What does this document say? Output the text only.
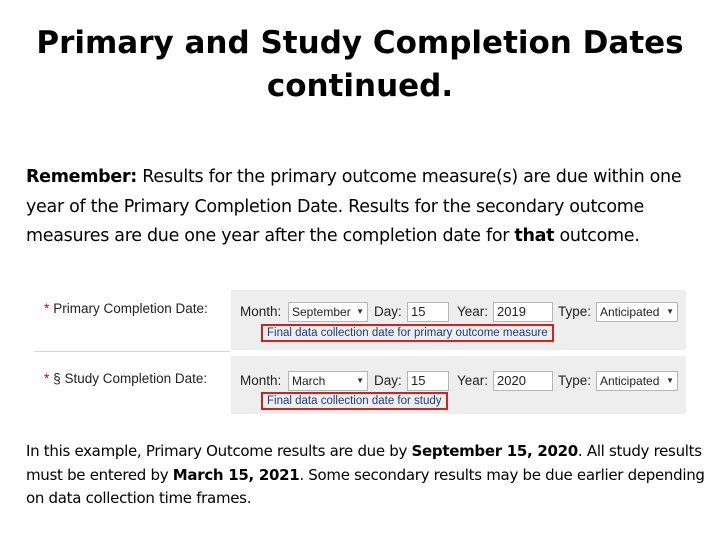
Primary and Study Completion Dates
continued.
Remember: Results for the primary outcome measure(s) are due within one year of the Primary Completion Date. Results for the secondary outcome measures are due one year after the completion date for that outcome.
* Primary Completion Date: Month: September ▼ Day: 15	Year: 2019	Type: Anticipated ▼
Final data collection date for primary outcome measure
* § Study Completion Date: Month: March	▼ Day: 15	Year: 2020	Type: Anticipated ▼
Final data collection date for study
In this example, Primary Outcome results are due by September 15, 2020. All study results must be entered by March 15, 2021. Some secondary results may be due earlier depending on data collection time frames.
